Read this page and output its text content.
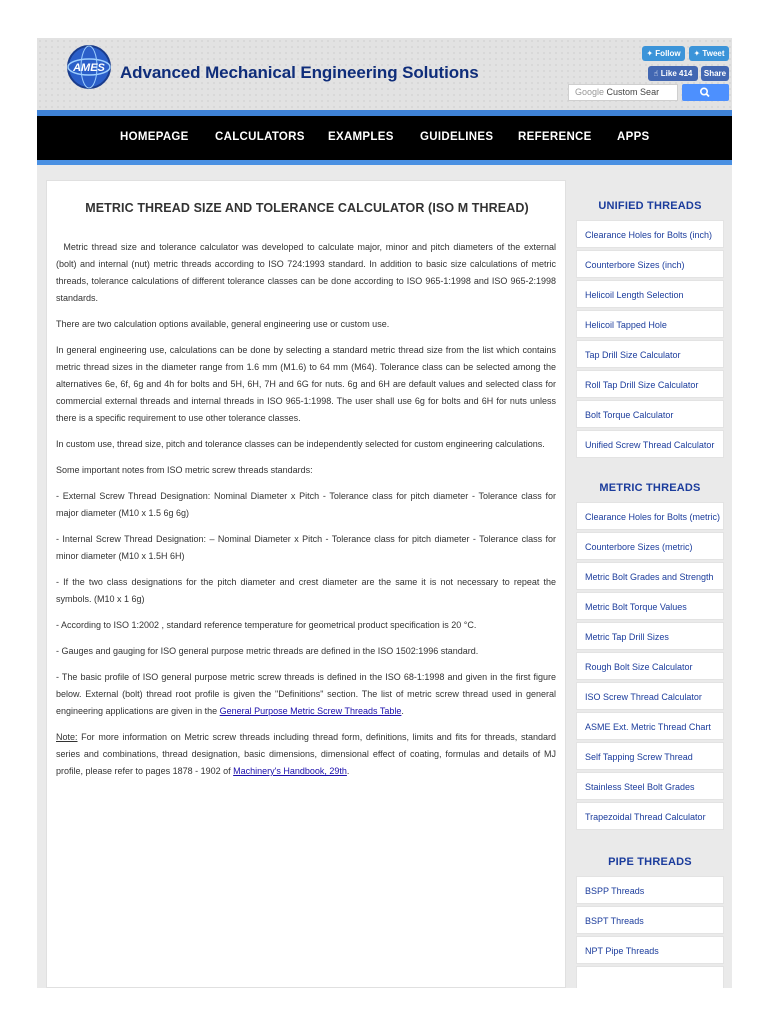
AMES Advanced Mechanical Engineering Solutions
✦ Follow	✦ Tweet
☝ Like 414	Share
Google Custom Sear
HOMEPAGE CALCULATORS EXAMPLES GUIDELINES REFERENCE APPS
METRIC THREAD SIZE AND TOLERANCE CALCULATOR (ISO M THREAD)

Metric thread size and tolerance calculator was developed to calculate major, minor and pitch diameters of the external (bolt) and internal (nut) metric threads according to ISO 724:1993 standard. In addition to basic size calculations of metric threads, tolerance calculations of different tolerance classes can be done according to ISO 965-1:1998 and ISO 965-2:1998 standards.

There are two calculation options available, general engineering use or custom use.

In general engineering use, calculations can be done by selecting a standard metric thread size from the list which contains metric thread sizes in the diameter range from 1.6 mm (M1.6) to 64 mm (M64). Tolerance class can be selected among the alternatives 6e, 6f, 6g and 4h for bolts and 5H, 6H, 7H and 6G for nuts. 6g and 6H are default values and selected class for commercial external threads and internal threads in ISO 965-1:1998. The user shall use 6g for bolts and 6H for nuts unless there is a specific requirement to use other tolerance classes.

In custom use, thread size, pitch and tolerance classes can be independently selected for custom engineering calculations.

Some important notes from ISO metric screw threads standards:

- External Screw Thread Designation: Nominal Diameter x Pitch - Tolerance class for pitch diameter - Tolerance class for major diameter (M10 x 1.5 6g 6g)

- Internal Screw Thread Designation: – Nominal Diameter x Pitch - Tolerance class for pitch diameter - Tolerance class for minor diameter (M10 x 1.5H 6H)

- If the two class designations for the pitch diameter and crest diameter are the same it is not necessary to repeat the symbols. (M10 x 1 6g)

- According to ISO 1:2002 , standard reference temperature for geometrical product specification is 20 °C.

- Gauges and gauging for ISO general purpose metric threads are defined in the ISO 1502:1996 standard.

- The basic profile of ISO general purpose metric screw threads is defined in the ISO 68-1:1998 and given in the first figure below. External (bolt) thread root profile is given the "Definitions" section. The list of metric screw thread used in general engineering applications are given in the General Purpose Metric Screw Threads Table.

Note: For more information on Metric screw threads including thread form, definitions, limits and fits for threads, standard series and combinations, thread designation, basic dimensions, dimensional effect of coating, formulas and details of MJ profile, please refer to pages 1878 - 1902 of Machinery's Handbook, 29th.

UNIFIED THREADS
Clearance Holes for Bolts (inch)
Counterbore Sizes (inch)
Helicoil Length Selection
Helicoil Tapped Hole
Tap Drill Size Calculator
Roll Tap Drill Size Calculator
Bolt Torque Calculator
Unified Screw Thread Calculator
METRIC THREADS
Clearance Holes for Bolts (metric)
Counterbore Sizes (metric)
Metric Bolt Grades and Strength
Metric Bolt Torque Values
Metric Tap Drill Sizes
Rough Bolt Size Calculator
ISO Screw Thread Calculator
ASME Ext. Metric Thread Chart
Self Tapping Screw Thread
Stainless Steel Bolt Grades
Trapezoidal Thread Calculator
PIPE THREADS
BSPP Threads
BSPT Threads
NPT Pipe Threads
